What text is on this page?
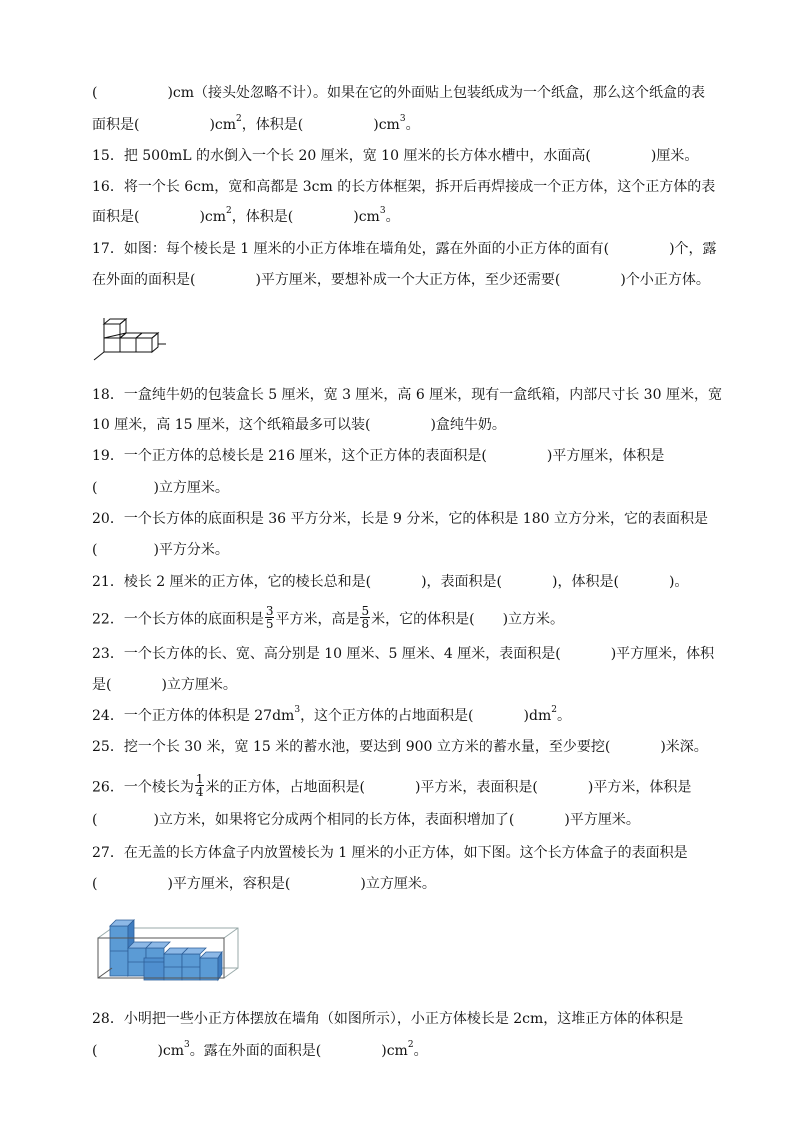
(	)cm（接头处忽略不计）。如果在它的外面贴上包装纸成为一个纸盒，那么这个纸盒的表
面积是(	)$cm^2$，体积是(	)$cm^3$。
15．把 500mL 的水倒入一个长 20 厘米，宽 10 厘米的长方体水槽中，水面高(	)厘米。
16．将一个长 6cm，宽和高都是 3cm 的长方体框架，拆开后再焊接成一个正方体，这个正方体的表
面积是(	)$cm^2$，体积是(	)$cm^3$。
17．如图：每个棱长是 1 厘米的小正方体堆在墙角处，露在外面的小正方体的面有(	)个，露
在外面的面积是(	)平方厘米，要想补成一个大正方体，至少还需要(	)个小正方体。
18．一盒纯牛奶的包装盒长 5 厘米，宽 3 厘米，高 6 厘米，现有一盒纸箱，内部尺寸长 30 厘米，宽
10 厘米，高 15 厘米，这个纸箱最多可以装(	)盒纯牛奶。
19．一个正方体的总棱长是 216 厘米，这个正方体的表面积是(	)平方厘米，体积是
(	)立方厘米。
20．一个长方体的底面积是 36 平方分米，长是 9 分米，它的体积是 180 立方分米，它的表面积是
(	)平方分米。
21．棱长 2 厘米的正方体，它的棱长总和是(	)，表面积是(	)，体积是(	)。
22．一个长方体的底面积是 $\frac{3}{5}$ 平方米，高是 $\frac{5}{8}$ 米，它的体积是( )立方米。
23．一个长方体的长、宽、高分别是 10 厘米、5 厘米、4 厘米，表面积是(	)平方厘米，体积
是(	)立方厘米。
24．一个正方体的体积是 $27dm^3$，这个正方体的占地面积是(	)$dm^2$。
25．挖一个长 30 米，宽 15 米的蓄水池，要达到 900 立方米的蓄水量，至少要挖(	)米深。
26．一个棱长为 $\frac{1}{4}$ 米的正方体，占地面积是(	)平方米，表面积是(	)平方米，体积是
(	)立方米，如果将它分成两个相同的长方体，表面积增加了(	)平方厘米。
27．在无盖的长方体盒子内放置棱长为 1 厘米的小正方体，如下图。这个长方体盒子的表面积是
(	)平方厘米，容积是(	)立方厘米。
28．小明把一些小正方体摆放在墙角（如图所示），小正方体棱长是 2cm，这堆正方体的体积是
(	)$cm^3$。露在外面的面积是(	)$cm^2$。
